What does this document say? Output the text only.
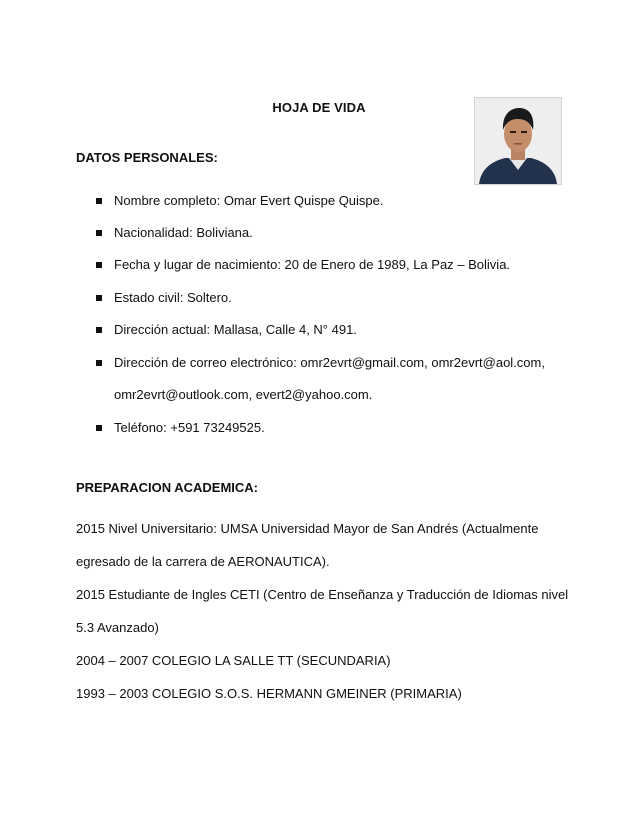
HOJA DE VIDA
DATOS PERSONALES:
Nombre completo: Omar Evert Quispe Quispe.
Nacionalidad: Boliviana.
Fecha y lugar de nacimiento: 20 de Enero de 1989, La Paz – Bolivia.
Estado civil: Soltero.
Dirección actual: Mallasa, Calle 4, N° 491.
Dirección de correo electrónico: omr2evrt@gmail.com, omr2evrt@aol.com,
Teléfono: +591 73249525.
omr2evrt@outlook.com, evert2@yahoo.com.
PREPARACION ACADEMICA:
2015 Nivel Universitario: UMSA Universidad Mayor de San Andrés (Actualmente
egresado de la carrera de AERONAUTICA).
2015 Estudiante de Ingles CETI (Centro de Enseñanza y Traducción de Idiomas nivel
5.3 Avanzado)
2004 – 2007 COLEGIO LA SALLE TT (SECUNDARIA)
1993 – 2003 COLEGIO S.O.S. HERMANN GMEINER (PRIMARIA)
